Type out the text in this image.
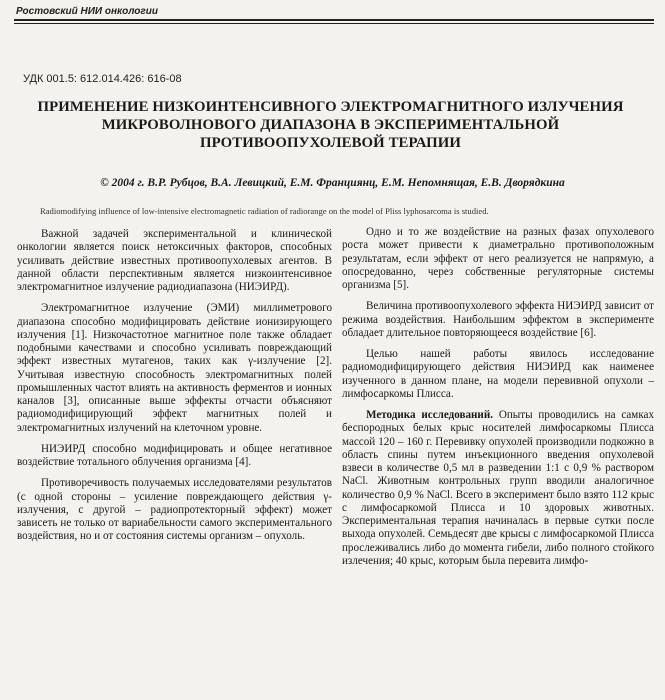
Ростовский НИИ онкологии
УДК 001.5: 612.014.426: 616-08
ПРИМЕНЕНИЕ НИЗКОИНТЕНСИВНОГО ЭЛЕКТРОМАГНИТНОГО ИЗЛУЧЕНИЯ
МИКРОВОЛНОВОГО ДИАПАЗОНА В ЭКСПЕРИМЕНТАЛЬНОЙ
ПРОТИВООПУХОЛЕВОЙ ТЕРАПИИ
© 2004 г. В.Р. Рубцов, В.А. Левицкий, Е.М. Франциянц, Е.М. Непомнящая, Е.В. Дворядкина
Radiomodifying influence of low-intensive electromagnetic radiation of radiorange on the model of Pliss lyphosarcoma is studied.

Важной задачей экспериментальной и клинической онкологии является поиск нетоксичных факторов, способных усиливать действие известных противоопухолевых агентов. В данной области перспективным является низкоинтенсивное электромагнитное излучение радиодиапазона (НИЭИРД).

Электромагнитное излучение (ЭМИ) миллиметрового диапазона способно модифицировать действие ионизирующего излучения [1]. Низкочастотное магнитное поле также обладает подобными качествами и способно усиливать повреждающий эффект известных мутагенов, таких как γ-излучение [2]. Учитывая известную способность электромагнитных полей промышленных частот влиять на активность ферментов и ионных каналов [3], описанные выше эффекты отчасти объясняют радиомодифицирующий эффект магнитных полей и электромагнитных излучений на клеточном уровне.

НИЭИРД способно модифицировать и общее негативное воздействие тотального облучения организма [4].

Противоречивость получаемых исследователями результатов (с одной стороны – усиление повреждающего действия γ-излучения, с другой – радиопротекторный эффект) может зависеть не только от вариабельности самого экспериментального воздействия, но и от состояния системы организм – опухоль.

Одно и то же воздействие на разных фазах опухолевого роста может привести к диаметрально противоположным результатам, если эффект от него реализуется не напрямую, а опосредованно, через собственные регуляторные системы организма [5].

Величина противоопухолевого эффекта НИЭИРД зависит от режима воздействия. Наибольшим эффектом в эксперименте обладает длительное повторяющееся воздействие [6].

Целью нашей работы явилось исследование радиомодифицирующего действия НИЭИРД как наименее изученного в данном плане, на модели перевивной опухоли – лимфосаркомы Плисса.

Методика исследований. Опыты проводились на самках беспородных белых крыс носителей лимфосаркомы Плисса массой 120 – 160 г. Перевивку опухолей производили подкожно в область спины путем инъекционного введения опухолевой взвеси в количестве 0,5 мл в разведении 1:1 с 0,9 % раствором NaCl. Животным контрольных групп вводили аналогичное количество 0,9 % NaCl. Всего в эксперимент было взято 112 крыс с лимфосаркомой Плисса и 10 здоровых животных. Экспериментальная терапия начиналась в первые сутки после выхода опухолей. Семьдесят две крысы с лимфосаркомой Плисса прослеживались либо до момента гибели, либо полного стойкого излечения; 40 крыс, которым была перевита лимфо-
